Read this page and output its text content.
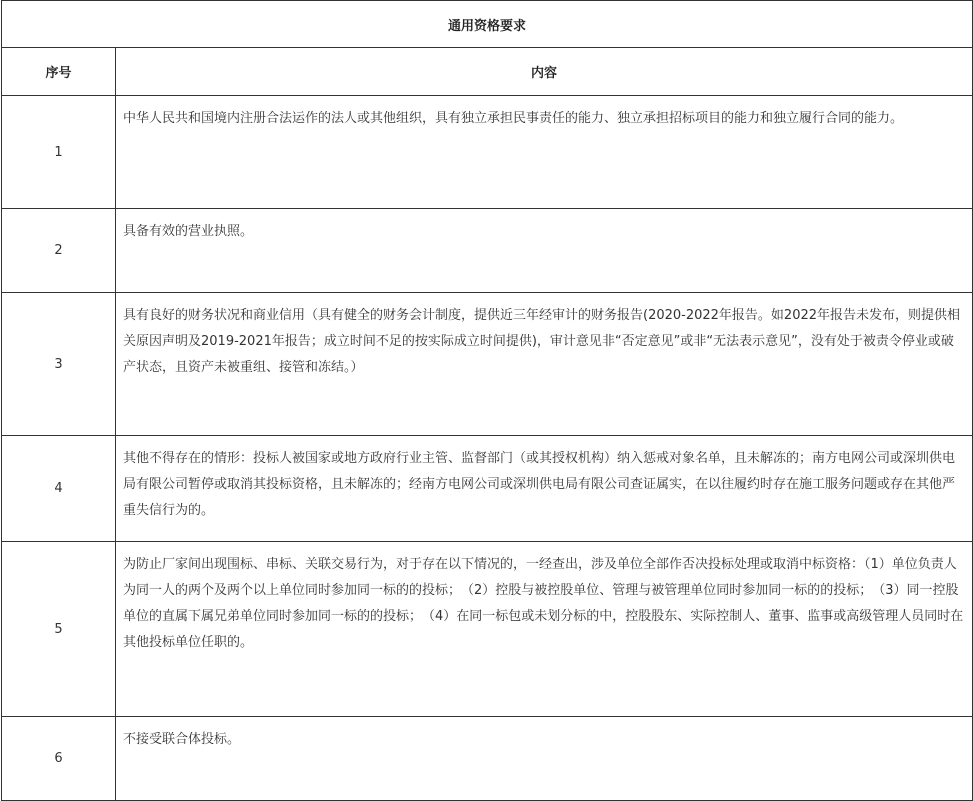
通用资格要求	
序号	内容
1	中华人民共和国境内注册合法运作的法人或其他组织，具有独立承担民事责任的能力、独立承担招标项目的能力和独立履行合同的能力。
2	具备有效的营业执照。
3	具有良好的财务状况和商业信用（具有健全的财务会计制度，提供近三年经审计的财务报告(2020-2022年报告。如2022年报告未发布，则提供相关原因声明及2019-2021年报告；成立时间不足的按实际成立时间提供)，审计意见非“否定意见”或非“无法表示意见”，没有处于被责令停业或破产状态，且资产未被重组、接管和冻结。）
4	其他不得存在的情形：投标人被国家或地方政府行业主管、监督部门（或其授权机构）纳入惩戒对象名单，且未解冻的；南方电网公司或深圳供电局有限公司暂停或取消其投标资格，且未解冻的；经南方电网公司或深圳供电局有限公司查证属实，在以往履约时存在施工服务问题或存在其他严重失信行为的。
5	为防止厂家间出现围标、串标、关联交易行为，对于存在以下情况的，一经查出，涉及单位全部作否决投标处理或取消中标资格：（1）单位负责人为同一人的两个及两个以上单位同时参加同一标的的投标；　（2）控股与被控股单位、管理与被管理单位同时参加同一标的的投标；　（3）同一控股单位的直属下属兄弟单位同时参加同一标的的投标；　（4）在同一标包或未划分标的中，控股股东、实际控制人、董事、监事或高级管理人员同时在其他投标单位任职的。
6	不接受联合体投标。
